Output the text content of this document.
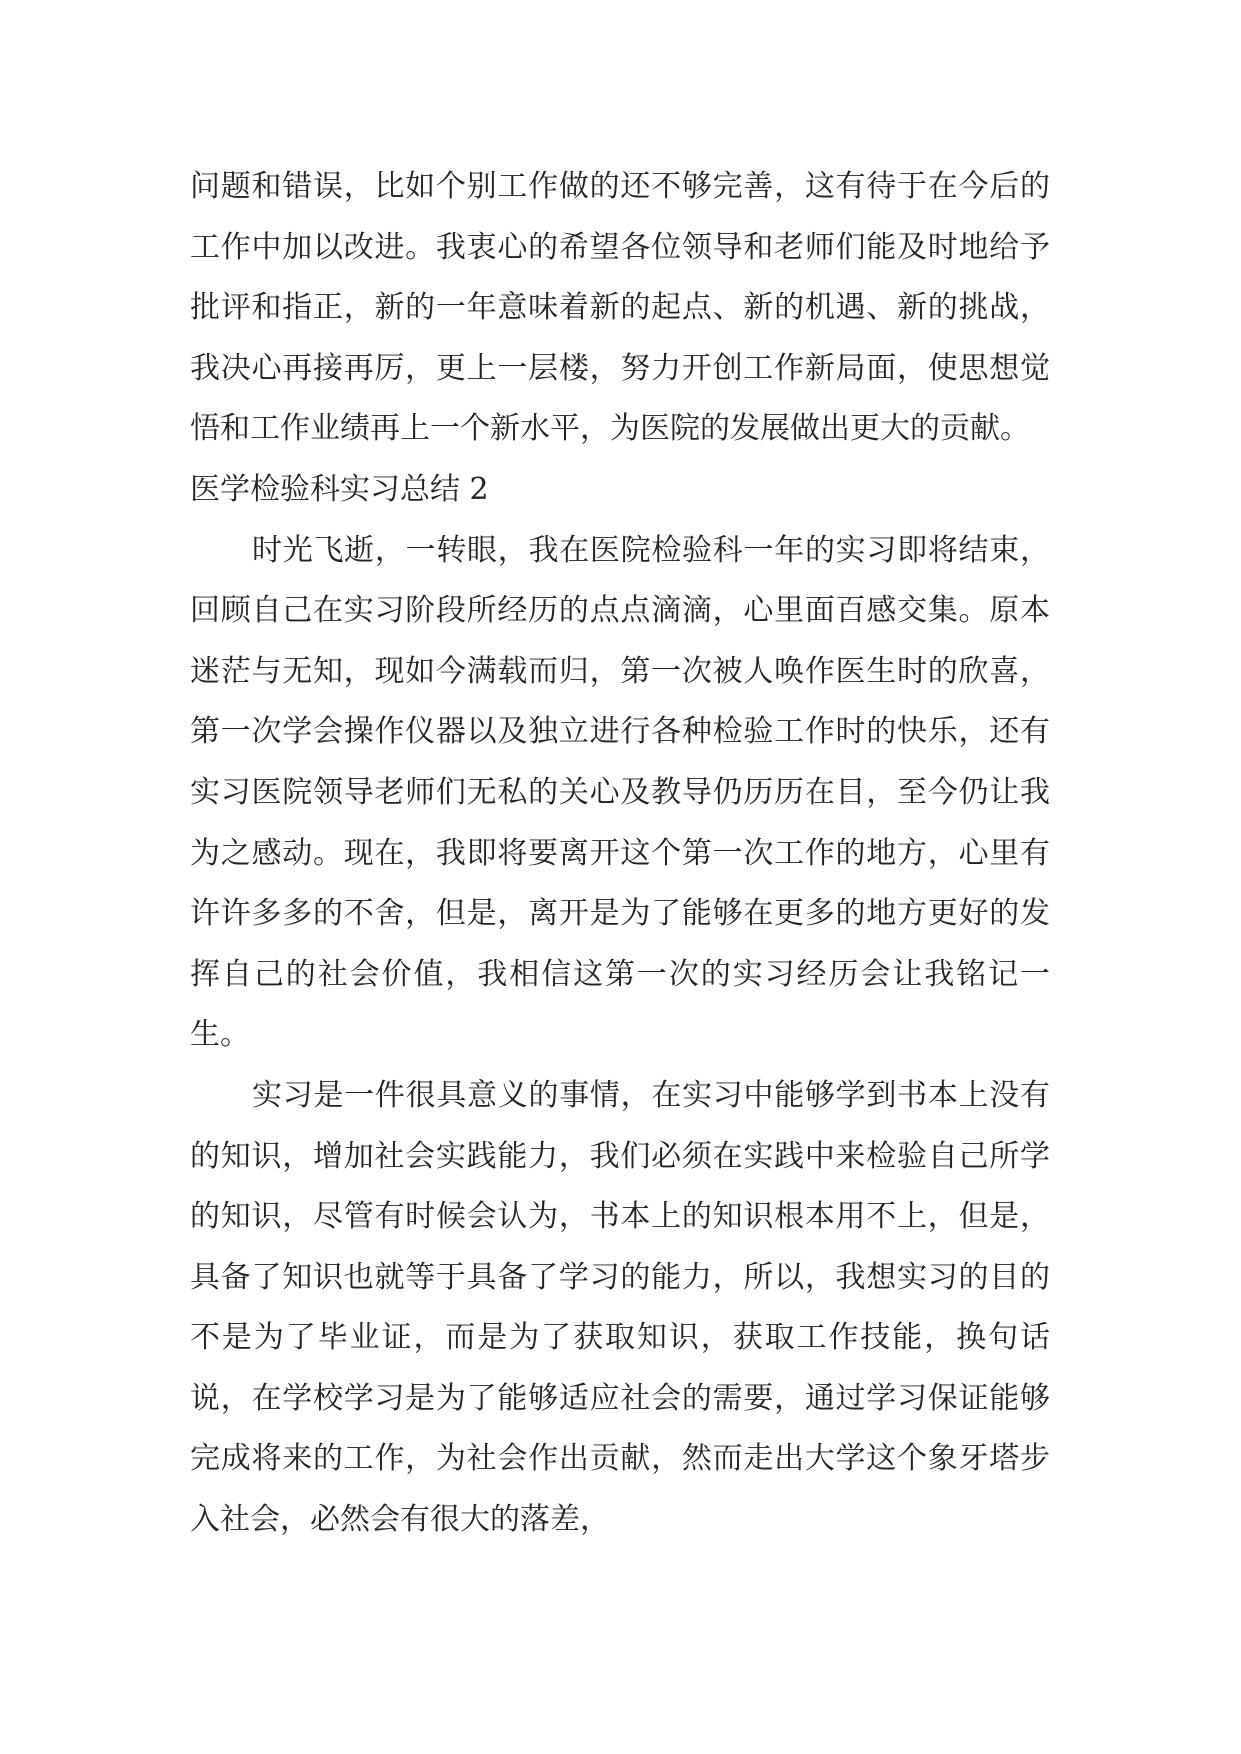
问题和错误，比如个别工作做的还不够完善，这有待于在今后的工作中加以改进。我衷心的希望各位领导和老师们能及时地给予批评和指正，新的一年意味着新的起点、新的机遇、新的挑战，我决心再接再厉，更上一层楼，努力开创工作新局面，使思想觉悟和工作业绩再上一个新水平，为医院的发展做出更大的贡献。

医学检验科实习总结 2

时光飞逝，一转眼，我在医院检验科一年的实习即将结束，回顾自己在实习阶段所经历的点点滴滴，心里面百感交集。原本迷茫与无知，现如今满载而归，第一次被人唤作医生时的欣喜，第一次学会操作仪器以及独立进行各种检验工作时的快乐，还有实习医院领导老师们无私的关心及教导仍历历在目，至今仍让我为之感动。现在，我即将要离开这个第一次工作的地方，心里有许许多多的不舍，但是，离开是为了能够在更多的地方更好的发挥自己的社会价值，我相信这第一次的实习经历会让我铭记一生。

实习是一件很具意义的事情，在实习中能够学到书本上没有的知识，增加社会实践能力，我们必须在实践中来检验自己所学的知识，尽管有时候会认为，书本上的知识根本用不上，但是，具备了知识也就等于具备了学习的能力，所以，我想实习的目的不是为了毕业证，而是为了获取知识，获取工作技能，换句话说，在学校学习是为了能够适应社会的需要，通过学习保证能够完成将来的工作，为社会作出贡献，然而走出大学这个象牙塔步入社会，必然会有很大的落差，
